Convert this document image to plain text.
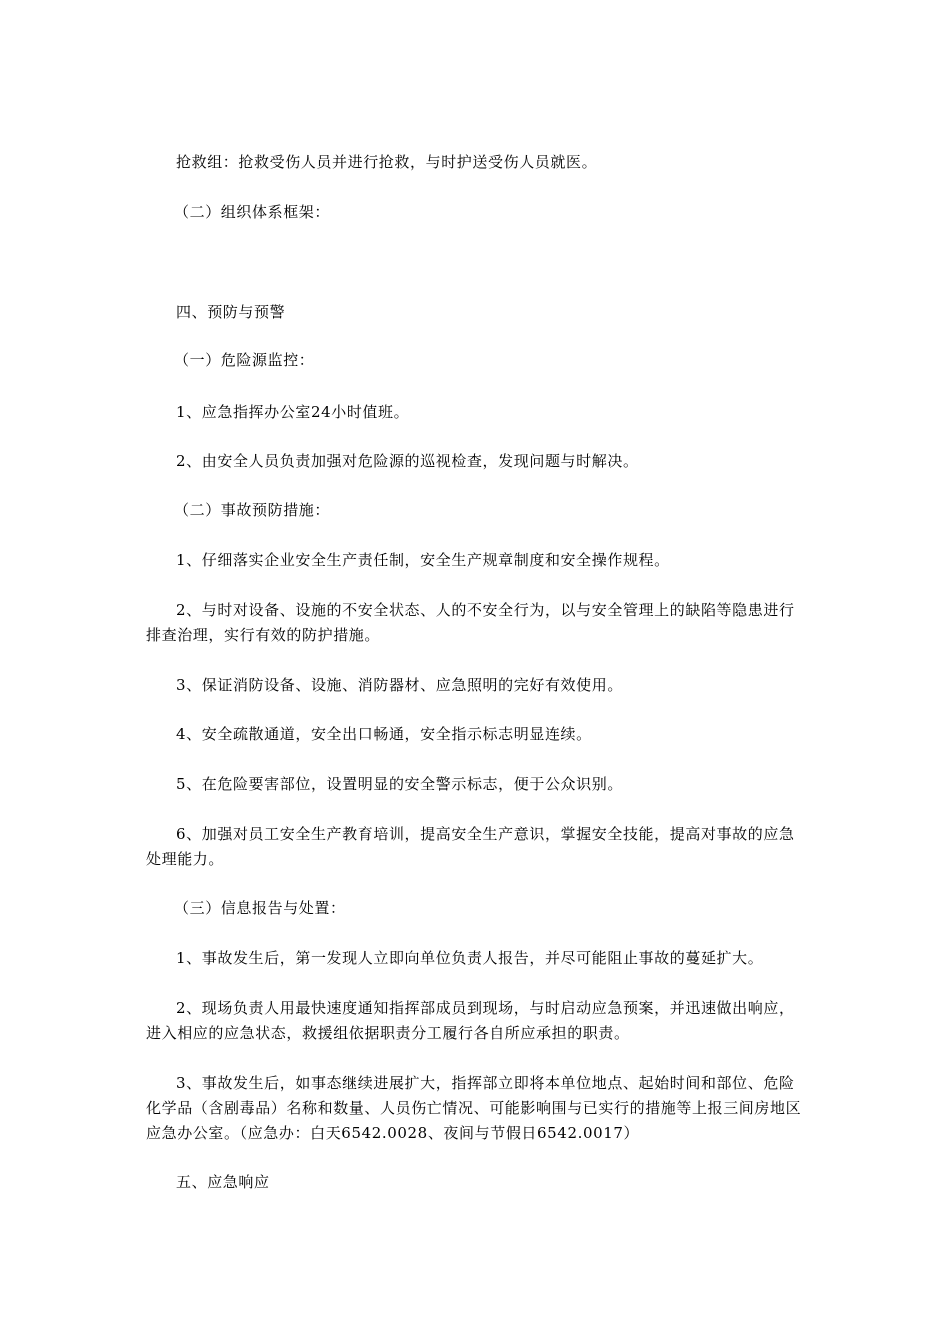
抢救组：抢救受伤人员并进行抢救，与时护送受伤人员就医。

（二）组织体系框架：

四、预防与预警

（一）危险源监控：

1、应急指挥办公室24小时值班。

2、由安全人员负责加强对危险源的巡视检查，发现问题与时解决。

（二）事故预防措施：

1、仔细落实企业安全生产责任制，安全生产规章制度和安全操作规程。

2、与时对设备、设施的不安全状态、人的不安全行为，以与安全管理上的缺陷等隐患进行排查治理，实行有效的防护措施。

3、保证消防设备、设施、消防器材、应急照明的完好有效使用。

4、安全疏散通道，安全出口畅通，安全指示标志明显连续。

5、在危险要害部位，设置明显的安全警示标志，便于公众识别。

6、加强对员工安全生产教育培训，提高安全生产意识，掌握安全技能，提高对事故的应急处理能力。

（三）信息报告与处置：

1、事故发生后，第一发现人立即向单位负责人报告，并尽可能阻止事故的蔓延扩大。

2、现场负责人用最快速度通知指挥部成员到现场，与时启动应急预案，并迅速做出响应，进入相应的应急状态，救援组依据职责分工履行各自所应承担的职责。

3、事故发生后，如事态继续进展扩大，指挥部立即将本单位地点、起始时间和部位、危险化学品（含剧毒品）名称和数量、人员伤亡情况、可能影响围与已实行的措施等上报三间房地区应急办公室。（应急办：白天6542.0028、夜间与节假日6542.0017）

五、应急响应
